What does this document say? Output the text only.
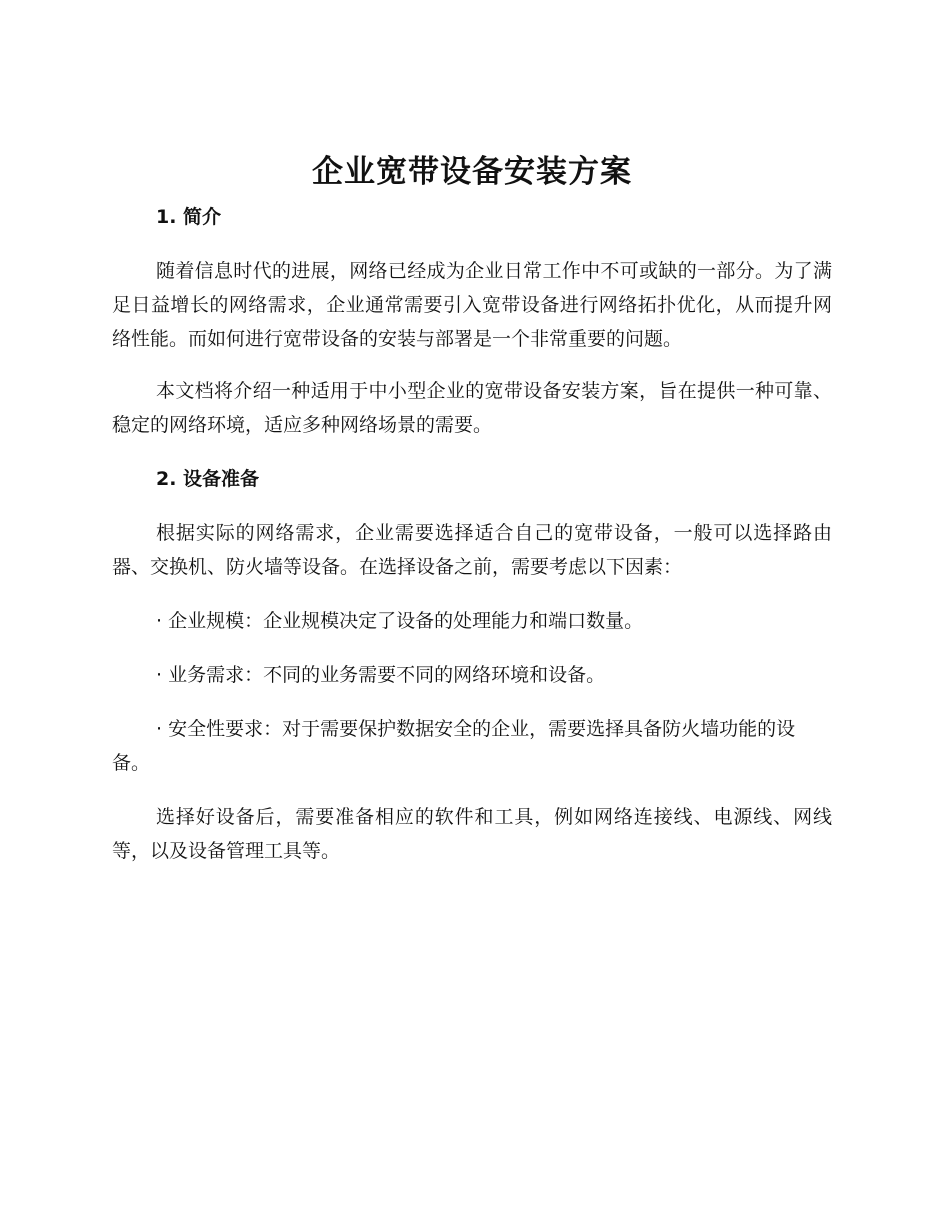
企业宽带设备安装方案
1. 简介

随着信息时代的进展，网络已经成为企业日常工作中不可或缺的一部分。为了满足日益增长的网络需求，企业通常需要引入宽带设备进行网络拓扑优化，从而提升网络性能。而如何进行宽带设备的安装与部署是一个非常重要的问题。

本文档将介绍一种适用于中小型企业的宽带设备安装方案，旨在提供一种可靠、稳定的网络环境，适应多种网络场景的需要。

2. 设备准备

根据实际的网络需求，企业需要选择适合自己的宽带设备，一般可以选择路由器、交换机、防火墙等设备。在选择设备之前，需要考虑以下因素：

· 企业规模：企业规模决定了设备的处理能力和端口数量。

· 业务需求：不同的业务需要不同的网络环境和设备。

· 安全性要求：对于需要保护数据安全的企业，需要选择具备防火墙功能的设备。

选择好设备后，需要准备相应的软件和工具，例如网络连接线、电源线、网线等，以及设备管理工具等。
